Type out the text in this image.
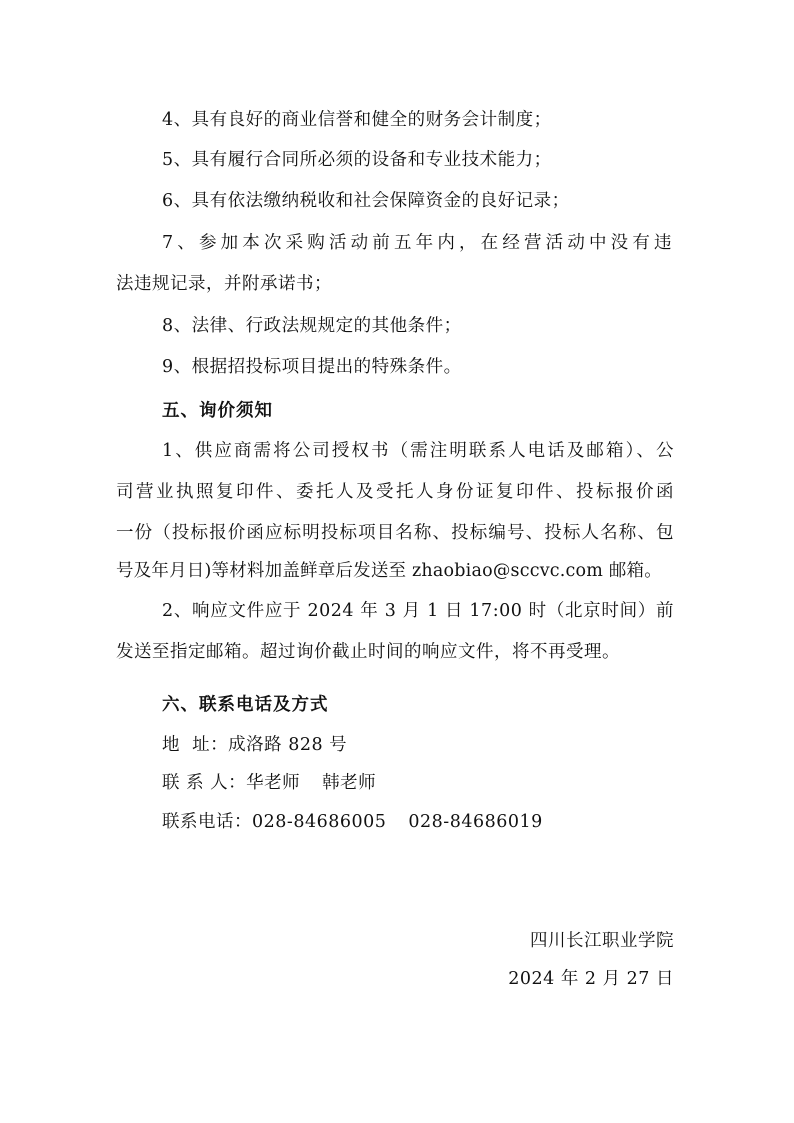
4、具有良好的商业信誉和健全的财务会计制度；
5、具有履行合同所必须的设备和专业技术能力；
6、具有依法缴纳税收和社会保障资金的良好记录；
7、参加本次采购活动前五年内，在经营活动中没有违
法违规记录，并附承诺书；
8、法律、行政法规规定的其他条件；
9、根据招投标项目提出的特殊条件。
五、询价须知
1、供应商需将公司授权书（需注明联系人电话及邮箱）、公
司营业执照复印件、委托人及受托人身份证复印件、投标报价函
一份（投标报价函应标明投标项目名称、投标编号、投标人名称、包
号及年月日)等材料加盖鲜章后发送至 zhaobiao@sccvc.com 邮箱。
2、响应文件应于 2024 年 3 月 1 日 17:00 时（北京时间）前
发送至指定邮箱。超过询价截止时间的响应文件，将不再受理。
六、联系电话及方式
地  址：成洛路 828 号
联 系 人：华老师 韩老师
联系电话：028-84686005 028-84686019
四川长江职业学院
2024 年 2 月 27 日
